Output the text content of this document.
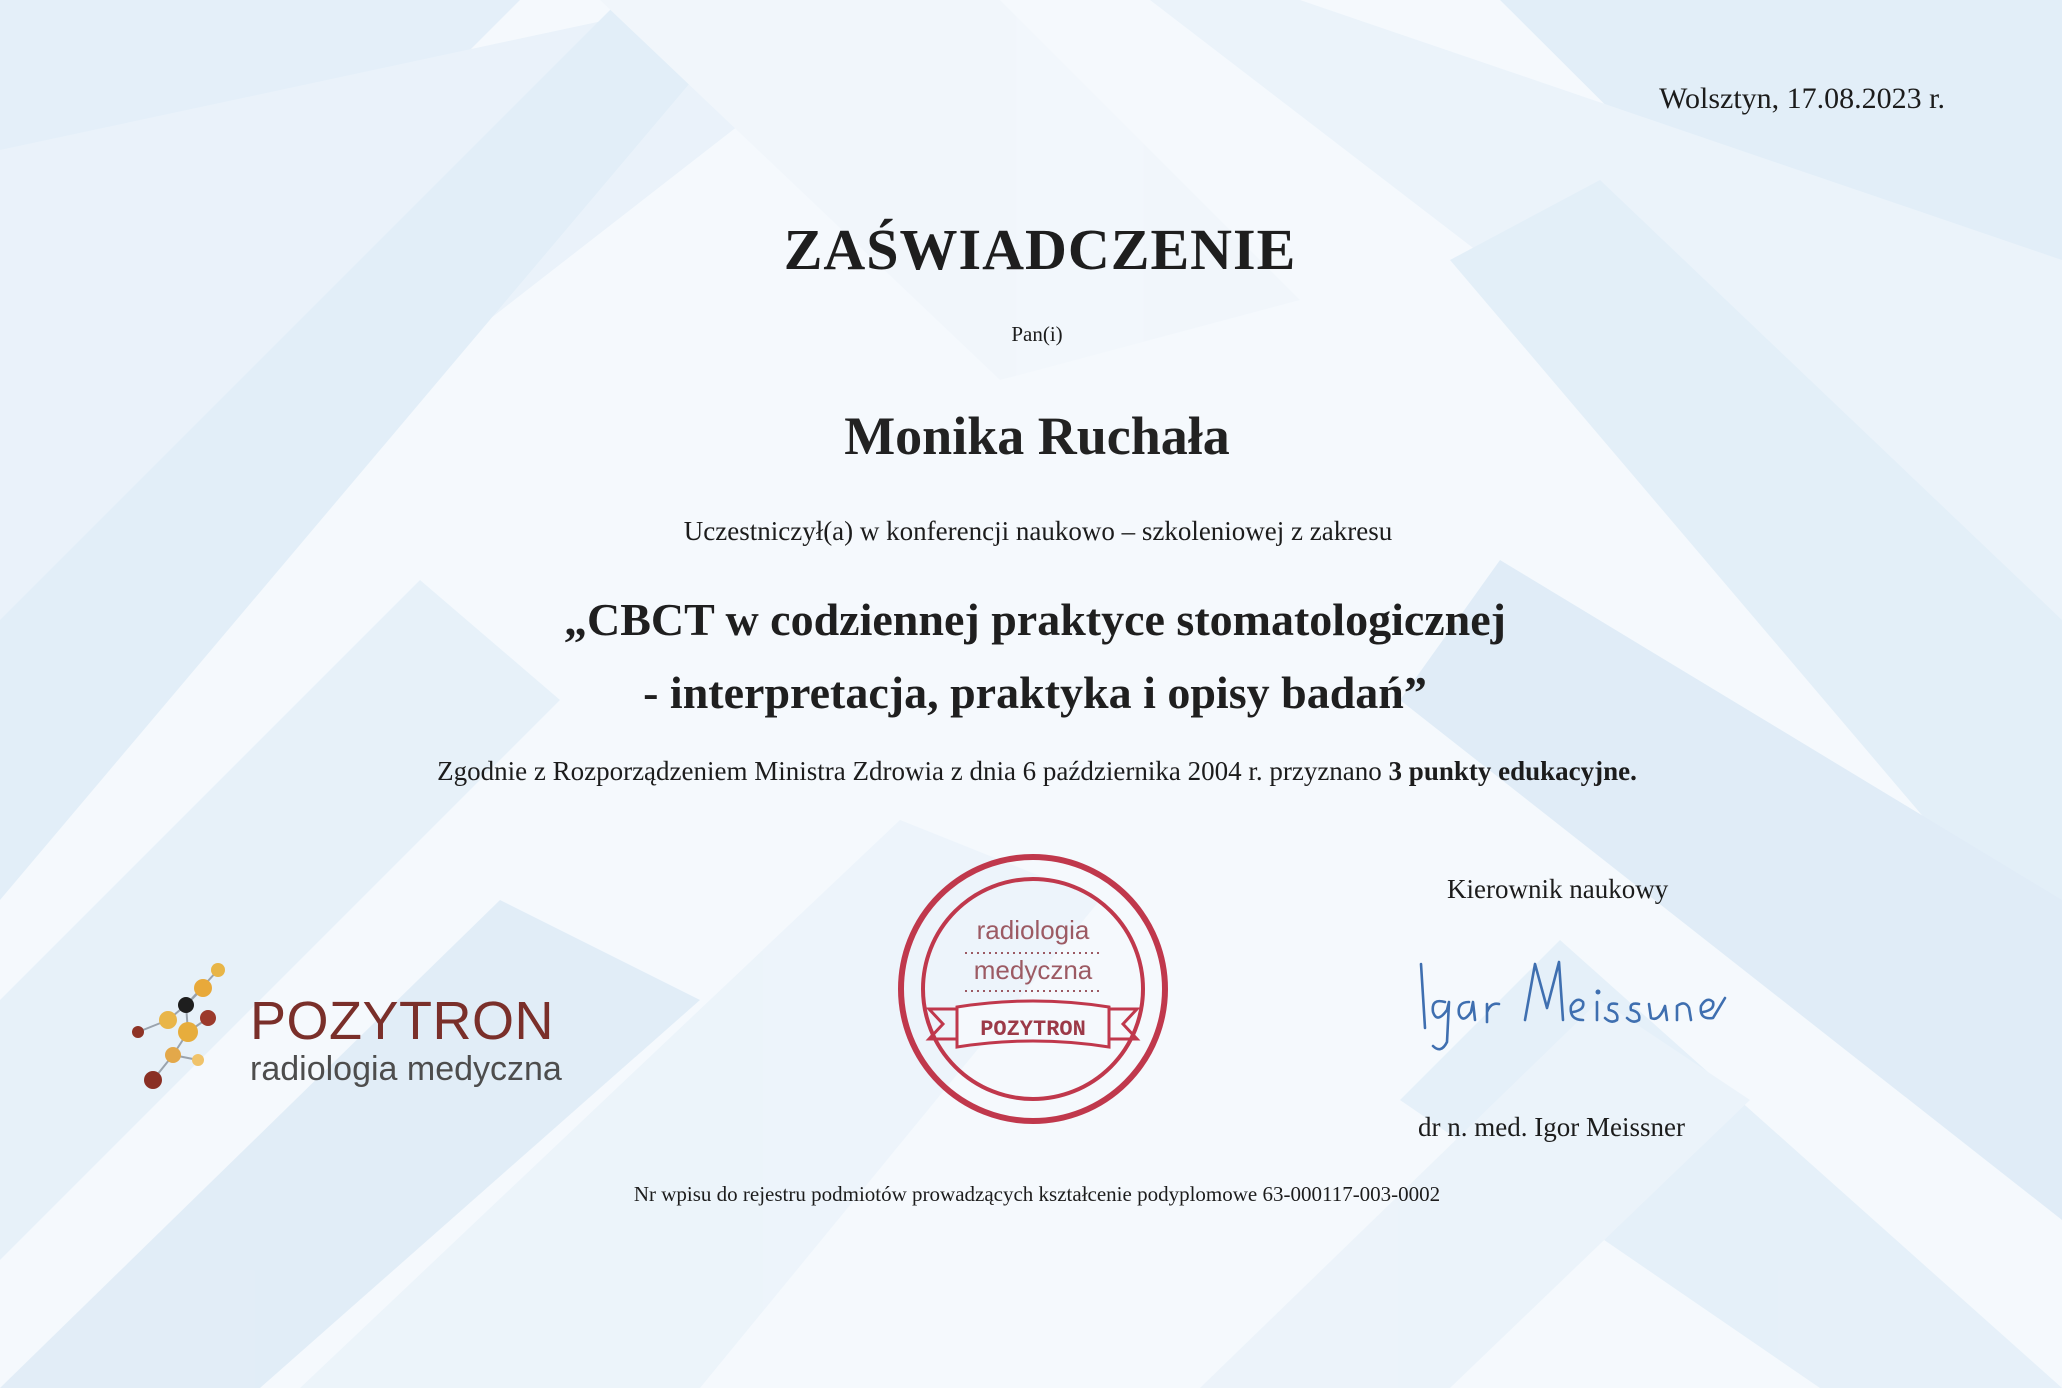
Wolsztyn, 17.08.2023 r.
ZAŚWIADCZENIE
Pan(i)
Monika Ruchała
Uczestniczył(a) w konferencji naukowo – szkoleniowej z zakresu
„CBCT w codziennej praktyce stomatologicznej
- interpretacja, praktyka i opisy badań”
Zgodnie z Rozporządzeniem Ministra Zdrowia z dnia 6 października 2004 r. przyznano 3 punkty edukacyjne.
POZYTRON
radiologia medyczna
radiologia
medyczna
POZYTRON
Kierownik naukowy
dr n. med. Igor Meissner
Nr wpisu do rejestru podmiotów prowadzących kształcenie podyplomowe 63-000117-003-0002
